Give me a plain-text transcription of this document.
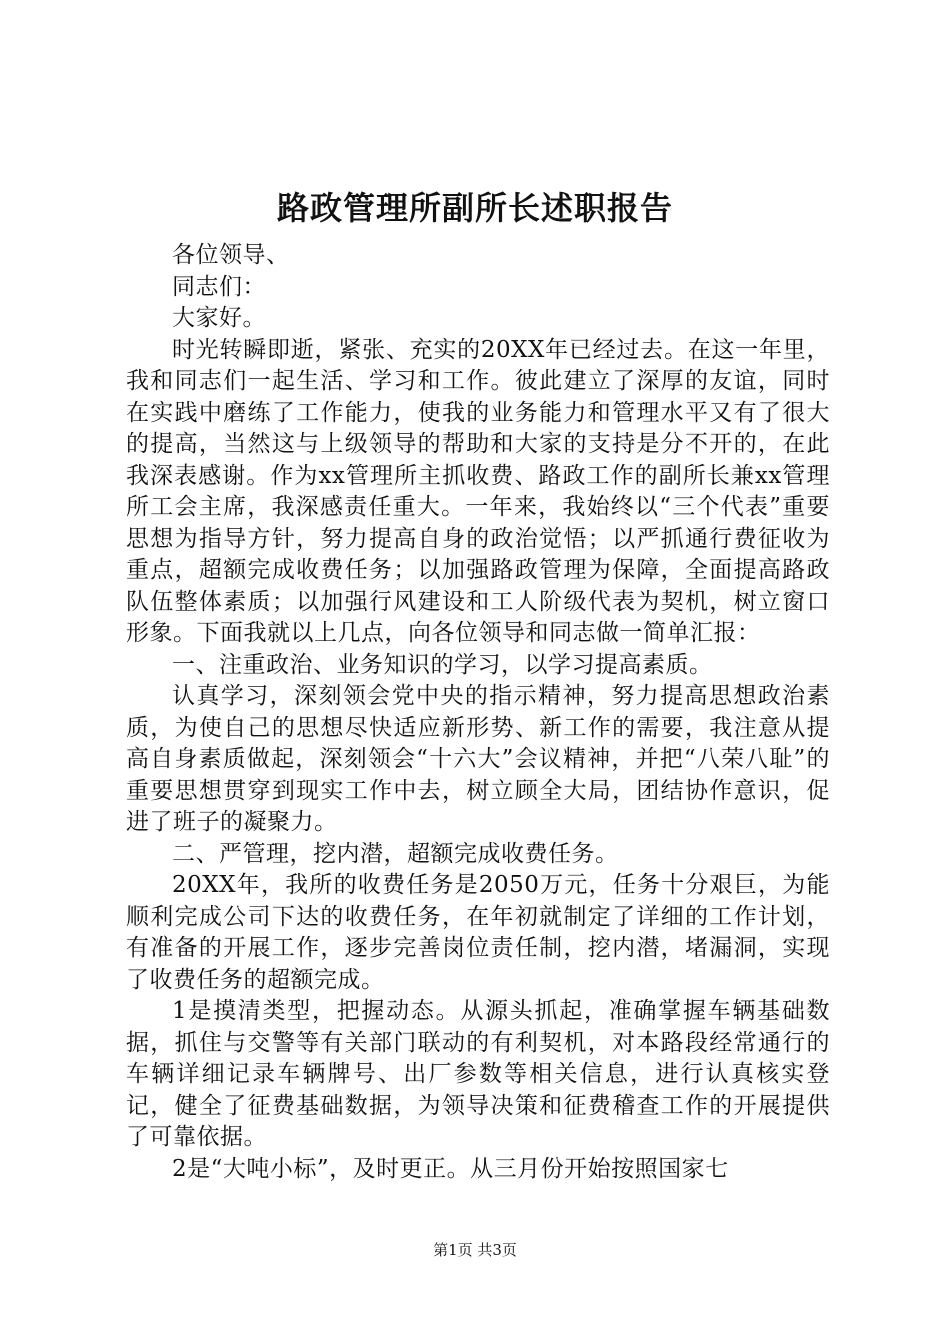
路政管理所副所长述职报告

各位领导、

同志们：

大家好。

时光转瞬即逝，紧张、充实的20XX年已经过去。在这一年里，我和同志们一起生活、学习和工作。彼此建立了深厚的友谊，同时在实践中磨练了工作能力，使我的业务能力和管理水平又有了很大的提高，当然这与上级领导的帮助和大家的支持是分不开的，在此我深表感谢。作为xx管理所主抓收费、路政工作的副所长兼xx管理所工会主席，我深感责任重大。一年来，我始终以“三个代表”重要思想为指导方针，努力提高自身的政治觉悟；以严抓通行费征收为重点，超额完成收费任务；以加强路政管理为保障，全面提高路政队伍整体素质；以加强行风建设和工人阶级代表为契机，树立窗口形象。下面我就以上几点，向各位领导和同志做一简单汇报：

一、注重政治、业务知识的学习，以学习提高素质。

认真学习，深刻领会党中央的指示精神，努力提高思想政治素质，为使自己的思想尽快适应新形势、新工作的需要，我注意从提高自身素质做起，深刻领会“十六大”会议精神，并把“八荣八耻”的重要思想贯穿到现实工作中去，树立顾全大局，团结协作意识，促进了班子的凝聚力。

二、严管理，挖内潜，超额完成收费任务。

20XX年，我所的收费任务是2050万元，任务十分艰巨，为能顺利完成公司下达的收费任务，在年初就制定了详细的工作计划，有准备的开展工作，逐步完善岗位责任制，挖内潜，堵漏洞，实现了收费任务的超额完成。

1是摸清类型，把握动态。从源头抓起，准确掌握车辆基础数据，抓住与交警等有关部门联动的有利契机，对本路段经常通行的车辆详细记录车辆牌号、出厂参数等相关信息，进行认真核实登记，健全了征费基础数据，为领导决策和征费稽查工作的开展提供了可靠依据。

2是“大吨小标”，及时更正。从三月份开始按照国家七

第1页 共3页
